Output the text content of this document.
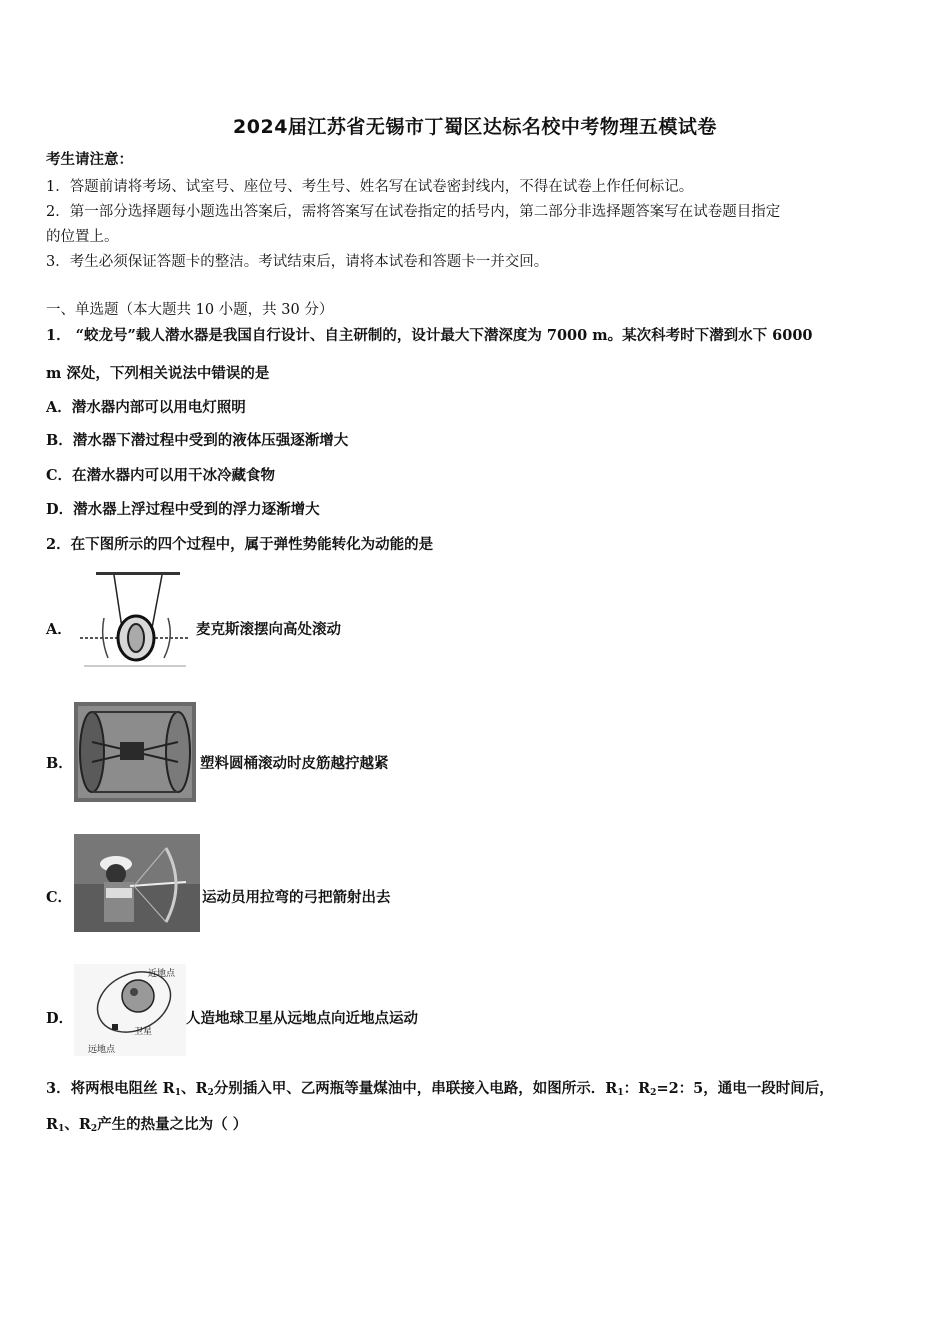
2024届江苏省无锡市丁蜀区达标名校中考物理五模试卷
考生请注意：
1．答题前请将考场、试室号、座位号、考生号、姓名写在试卷密封线内，不得在试卷上作任何标记。
2．第一部分选择题每小题选出答案后，需将答案写在试卷指定的括号内，第二部分非选择题答案写在试卷题目指定
的位置上。
3．考生必须保证答题卡的整洁。考试结束后，请将本试卷和答题卡一并交回。
一、单选题（本大题共 10 小题，共 30 分）
1． “蛟龙号”载人潜水器是我国自行设计、自主研制的，设计最大下潜深度为 7000 m。某次科考时下潜到水下 6000
m 深处，下列相关说法中错误的是
A．潜水器内部可以用电灯照明
B．潜水器下潜过程中受到的液体压强逐渐增大
C．在潜水器内可以用干冰冷藏食物
D．潜水器上浮过程中受到的浮力逐渐增大
2．在下图所示的四个过程中，属于弹性势能转化为动能的是
A．	麦克斯滚摆向高处滚动
B．	塑料圆桶滚动时皮筋越拧越紧
C．	运动员用拉弯的弓把箭射出去
D．
近地点
卫星
远地点
人造地球卫星从远地点向近地点运动
3．将两根电阻丝 $R_1$、$R_2$分别插入甲、乙两瓶等量煤油中，串联接入电路，如图所示．$R_1$：$R_2=2$：5，通电一段时间后，
$R_1$、$R_2$产生的热量之比为（ ）
